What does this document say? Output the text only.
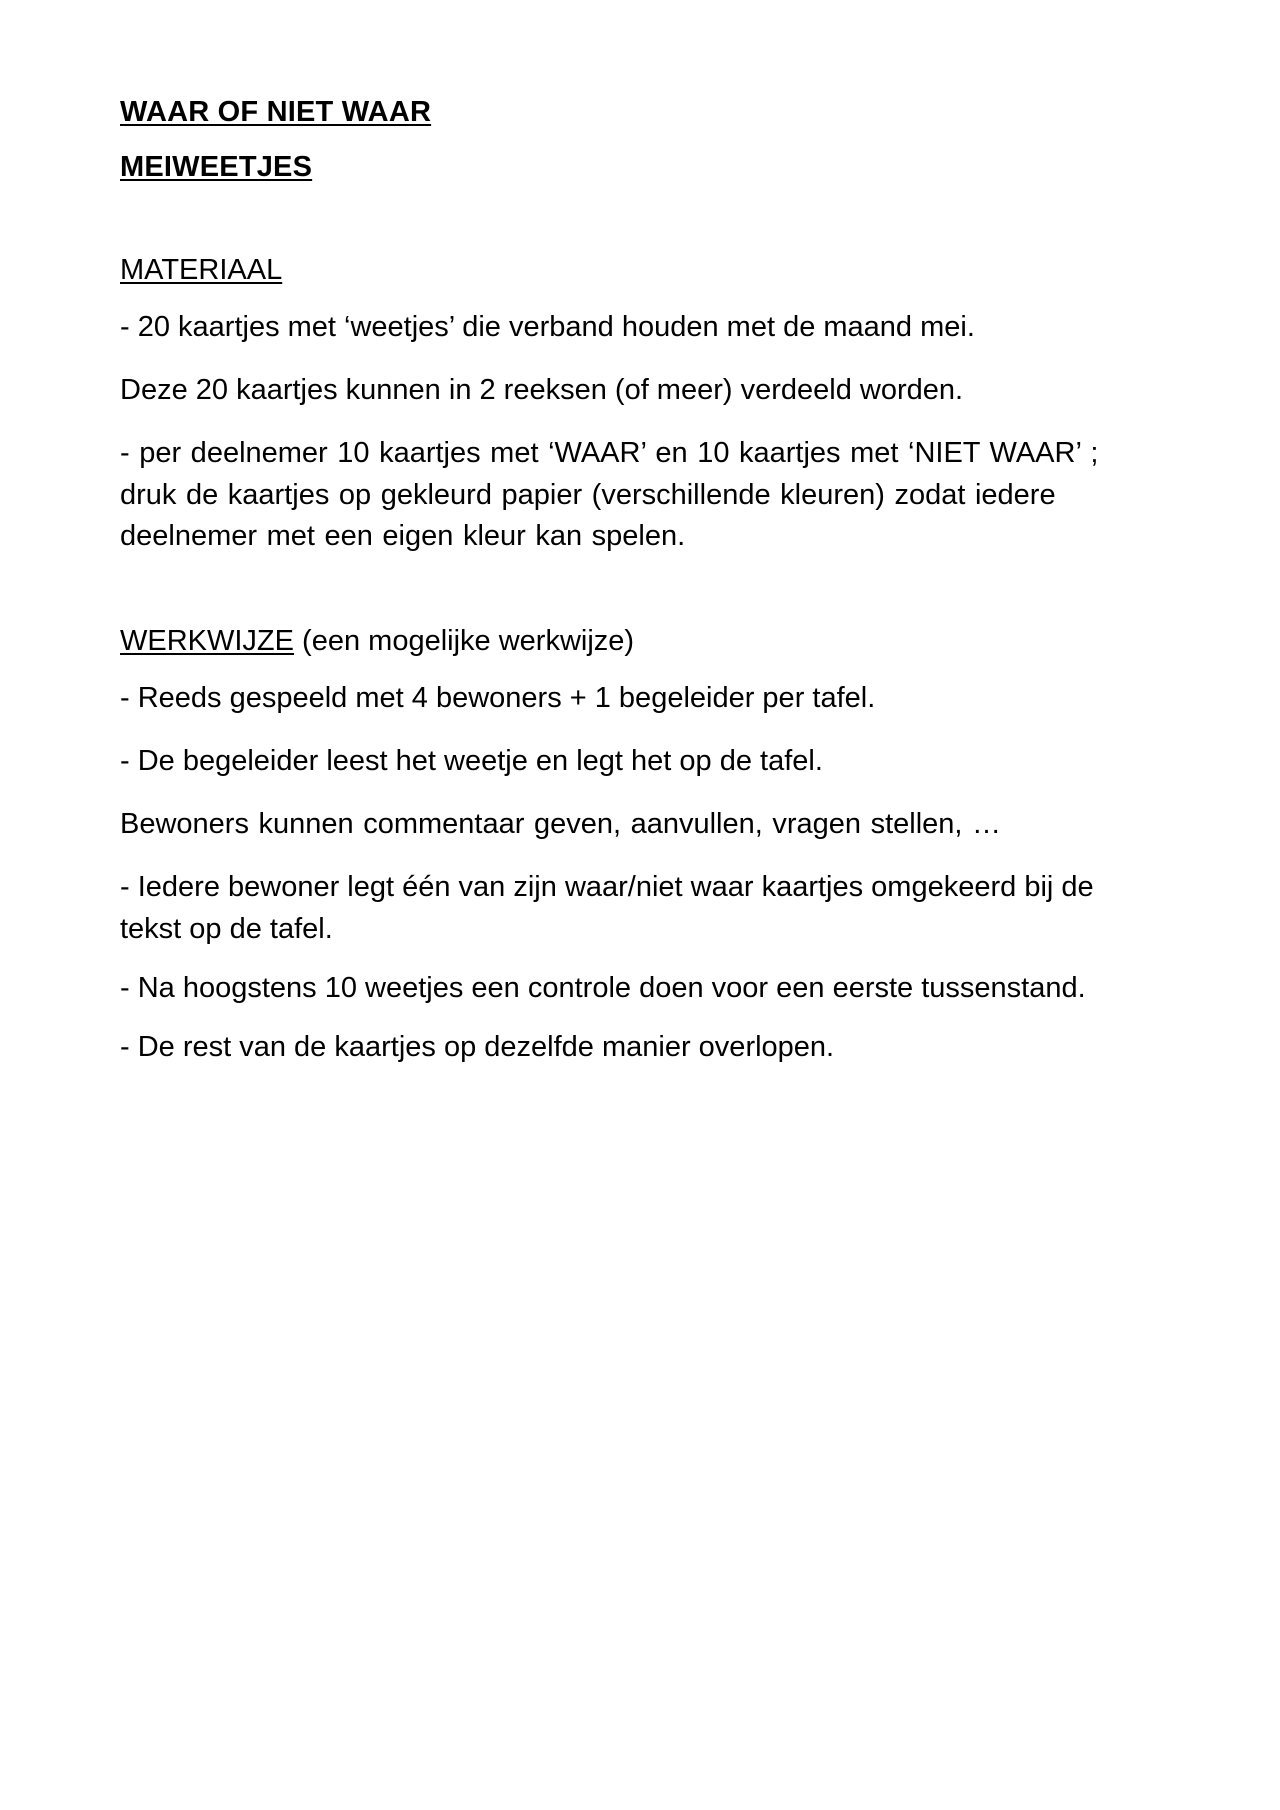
WAAR OF NIET WAAR
MEIWEETJES
MATERIAAL

- 20 kaartjes met ‘weetjes’ die verband houden met de maand mei.

Deze 20 kaartjes kunnen in 2 reeksen (of meer) verdeeld worden.

- per deelnemer 10 kaartjes met ‘WAAR’ en 10 kaartjes met ‘NIET WAAR’ ; druk de kaartjes op gekleurd papier (verschillende kleuren) zodat iedere deelnemer met een eigen kleur kan spelen.

WERKWIJZE (een mogelijke werkwijze)

- Reeds gespeeld met 4 bewoners + 1 begeleider per tafel.

- De begeleider leest het weetje en legt het op de tafel.

Bewoners kunnen commentaar geven, aanvullen, vragen stellen, …

- Iedere bewoner legt één van zijn waar/niet waar kaartjes omgekeerd bij de tekst op de tafel.

- Na hoogstens 10 weetjes een controle doen voor een eerste tussenstand.

- De rest van de kaartjes op dezelfde manier overlopen.
